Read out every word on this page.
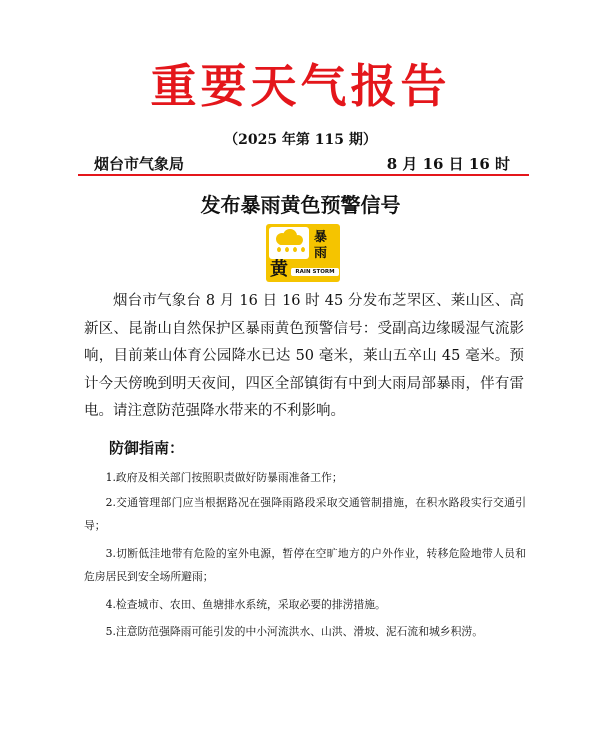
重要天气报告
（2025 年第 115 期）
烟台市气象局	8 月 16 日 16 时
发布暴雨黄色预警信号
暴
雨
黄	RAIN STORM
烟台市气象台 8 月 16 日 16 时 45 分发布芝罘区、莱山区、高新区、昆嵛山自然保护区暴雨黄色预警信号：受副高边缘暖湿气流影响，目前莱山体育公园降水已达 50 毫米，莱山五卒山 45 毫米。预计今天傍晚到明天夜间，四区全部镇街有中到大雨局部暴雨，伴有雷电。请注意防范强降水带来的不利影响。
防御指南：
1.政府及相关部门按照职责做好防暴雨准备工作；
2.交通管理部门应当根据路况在强降雨路段采取交通管制措施，在积水路段实行交通引导；
3.切断低洼地带有危险的室外电源，暂停在空旷地方的户外作业，转移危险地带人员和危房居民到安全场所避雨；
4.检查城市、农田、鱼塘排水系统，采取必要的排涝措施。
5.注意防范强降雨可能引发的中小河流洪水、山洪、滑坡、泥石流和城乡积涝。
